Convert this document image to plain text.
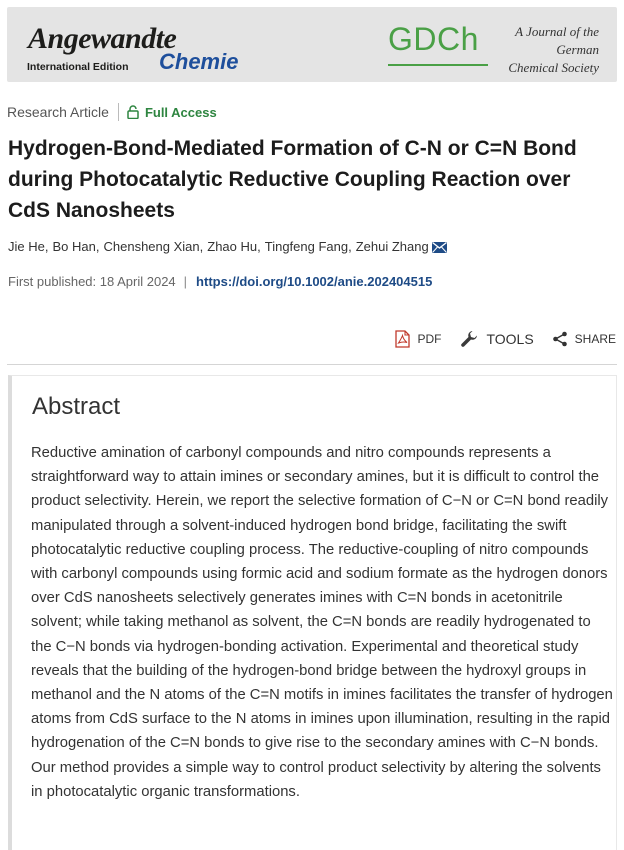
Angewandte
International Edition Chemie
GDCh	A Journal of the
German
Chemical Society
Research Article	Full Access
Hydrogen-Bond-Mediated Formation of C-N or C=N Bond during Photocatalytic Reductive Coupling Reaction over CdS Nanosheets
Jie He , Bo Han , Chensheng Xian , Zhao Hu , Tingfeng Fang , Zehui Zhang
First published: 18 April 2024 | https://doi.org/10.1002/anie.202404515
PDF	TOOLS	SHARE
Abstract

Reductive amination of carbonyl compounds and nitro compounds represents a straightforward way to attain imines or secondary amines, but it is difficult to control the product selectivity. Herein, we report the selective formation of C−N or C=N bond readily manipulated through a solvent-induced hydrogen bond bridge, facilitating the swift photocatalytic reductive coupling process. The reductive-coupling of nitro compounds with carbonyl compounds using formic acid and sodium formate as the hydrogen donors over CdS nanosheets selectively generates imines with C=N bonds in acetonitrile solvent; while taking methanol as solvent, the C=N bonds are readily hydrogenated to the C−N bonds via hydrogen-bonding activation. Experimental and theoretical study reveals that the building of the hydrogen-bond bridge between the hydroxyl groups in methanol and the N atoms of the C=N motifs in imines facilitates the transfer of hydrogen atoms from CdS surface to the N atoms in imines upon illumination, resulting in the rapid hydrogenation of the C=N bonds to give rise to the secondary amines with C−N bonds. Our method provides a simple way to control product selectivity by altering the solvents in photocatalytic organic transformations.
